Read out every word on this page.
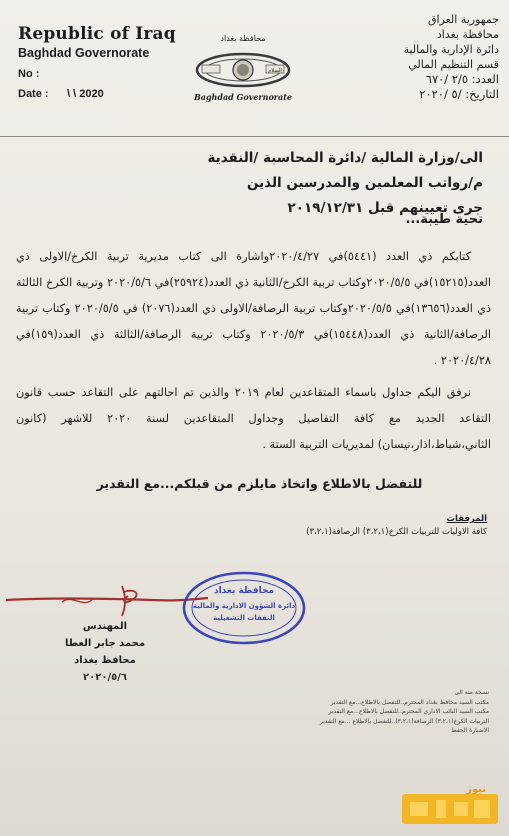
Republic of Iraq
Baghdad Governorate
No :
Date : \ \ 2020
محافظة بغداد
السلام
Baghdad Governorate
جمهورية العراق
محافظة بغداد
دائرة الإدارية والمالية
قسم التنظيم المالي
العدد: ٢/٥ /٦٧٠
التاريخ: /٥ /٢٠٢٠
الى/وزارة المالية /دائرة المحاسبة /النقدية
م/رواتب المعلمين والمدرسين الذين
جرى تعيينهم قبل ٢٠١٩/١٢/٣١
تحية طيبة...

كتابكم ذي العدد (٥٤٤١)في ٢٠٢٠/٤/٢٧واشارة الى كتاب مديرية تربية الكرخ/الاولى ذي العدد(١٥٢١٥)في ٢٠٢٠/٥/٥وكتاب تربية الكرخ/الثانية ذي العدد(٢٥٩٢٤)في ٢٠٢٠/٥/٦ وتربية الكرخ الثالثة ذي العدد(١٣٦٥٦)في ٢٠٢٠/٥/٥وكتاب تربية الرصافة/الاولى ذي العدد(٢٠٧٦) في ٢٠٢٠/٥/٥ وكتاب تربية الرصافة/الثانية ذي العدد(١٥٤٤٨)في ٢٠٢٠/٥/٣ وكتاب تربية الرصافة/الثالثة ذي العدد(١٥٩)في ٢٠٢٠/٤/٢٨ .

نرفق اليكم جداول باسماء المتقاعدين لعام ٢٠١٩ والذين تم احالتهم على التقاعد حسب قانون التقاعد الجديد مع كافة التفاصيل وجداول المتقاعدين لسنة ٢٠٢٠ للاشهر (كانون الثاني،شباط،اذار،نيسان) لمديريات التربية الستة .

للتفضل بالاطلاع واتخاذ مايلزم من قبلكم...مع التقدير
المرفقات
كافة الاوليات للتربيات الكرخ(٣،٢،١) الرصافة(٣،٢،١)
محافظة بغداد
دائرة الشؤون الادارية والمالية
النفقات التشغيلية
المهندس
محمد جابر العطا
محافظ بغداد
٢٠٢٠/٥/٦
نسخة منه الى
مكتب السيد محافظ بغداد المحترم..للتفضل بالاطلاع...مع التقدير
مكتب السيد النائب الاداري المحترم..للتفضل بالاطلاع...مع التقدير
التربيات الكرخ(٣،٢،١) الرصافة(٣،٢،١)..للتفضل بالاطلاع ...مع التقدير
الاضبارة الحفظ
نيوز
